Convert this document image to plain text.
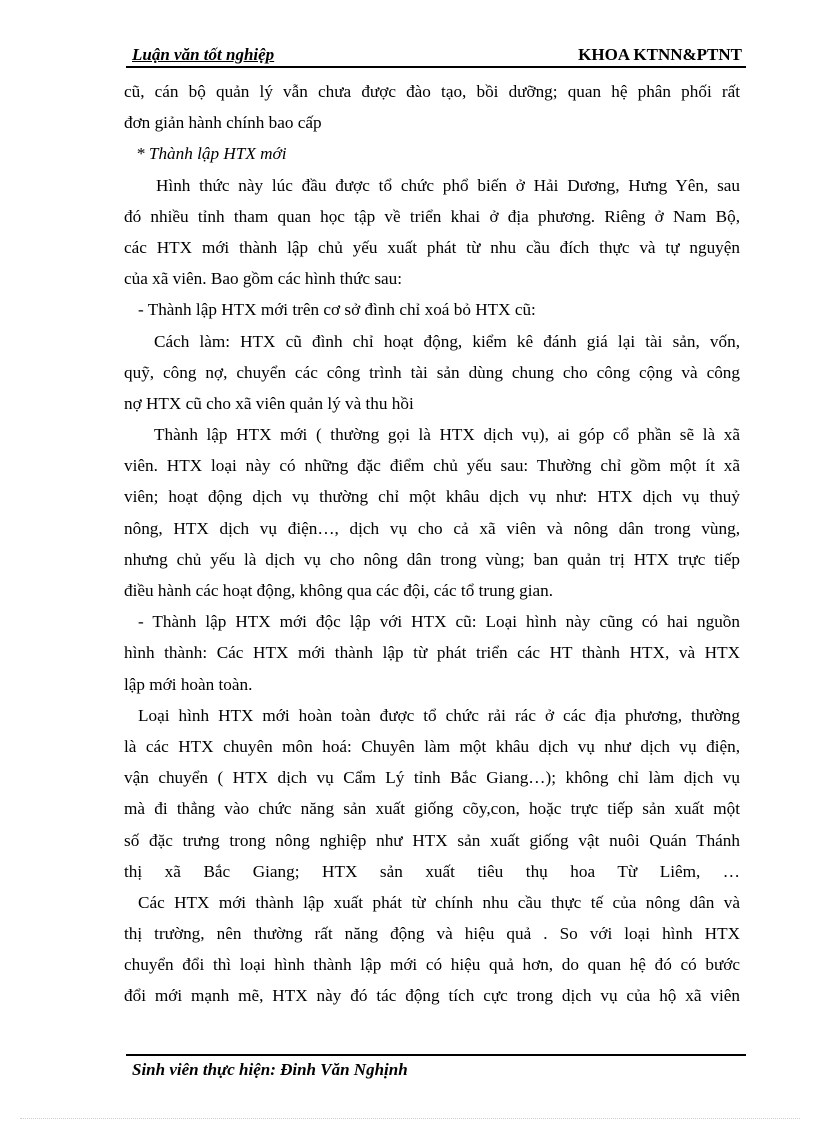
Luận văn tốt nghiệp	KHOA KTNN&PTNT
cũ, cán bộ quản lý vẫn chưa được đào tạo, bồi dưỡng; quan hệ phân phối rất
đơn giản hành chính bao cấp
* Thành lập HTX mới
Hình thức này lúc đầu được tổ chức phổ biến ở Hải Dương, Hưng Yên, sau
đó nhiều tỉnh tham quan học tập về triển khai ở địa phương. Riêng ở Nam Bộ,
các HTX mới thành lập chủ yếu xuất phát từ nhu cầu đích thực và tự nguyện
của xã viên. Bao gồm các hình thức sau:
- Thành lập HTX mới trên cơ sở đình chỉ xoá bỏ HTX cũ:
Cách làm: HTX cũ đình chỉ hoạt động, kiểm kê đánh giá lại tài sản, vốn,
quỹ, công nợ, chuyển các công trình tài sản dùng chung cho công cộng và công
nợ HTX cũ cho xã viên quản lý và thu hồi
Thành lập HTX mới ( thường gọi là HTX dịch vụ), ai góp cổ phần sẽ là xã
viên. HTX loại này có những đặc điểm chủ yếu sau: Thường chỉ gồm một ít xã
viên; hoạt động dịch vụ thường chỉ một khâu dịch vụ như: HTX dịch vụ thuỷ
nông, HTX dịch vụ điện…, dịch vụ cho cả xã viên và nông dân trong vùng,
nhưng chủ yếu là dịch vụ cho nông dân trong vùng; ban quản trị HTX trực tiếp
điều hành các hoạt động, không qua các đội, các tổ trung gian.
- Thành lập HTX mới độc lập với HTX cũ: Loại hình này cũng có hai nguồn
hình thành: Các HTX mới thành lập từ phát triển các HT thành HTX, và HTX
lập mới hoàn toàn.
Loại hình HTX mới hoàn toàn được tổ chức rải rác ở các địa phương, thường
là các HTX chuyên môn hoá: Chuyên làm một khâu dịch vụ như dịch vụ điện,
vận chuyển ( HTX dịch vụ Cẩm Lý tỉnh Bắc Giang…); không chỉ làm dịch vụ
mà đi thẳng vào chức năng sản xuất giống cõy,con, hoặc trực tiếp sản xuất một
số đặc trưng trong nông nghiệp như HTX sản xuất giống vật nuôi Quán Thánh
thị xã Bắc Giang; HTX sản xuất tiêu thụ hoa Từ Liêm, …
Các HTX mới thành lập xuất phát từ chính nhu cầu thực tế của nông dân và
thị trường, nên thường rất năng động và hiệu quả . So với loại hình HTX
chuyển đổi thì loại hình thành lập mới có hiệu quả hơn, do quan hệ đó có bước
đổi mới mạnh mẽ, HTX này đó tác động tích cực trong dịch vụ của hộ xã viên
Sinh viên thực hiện: Đinh Văn Nghịnh
